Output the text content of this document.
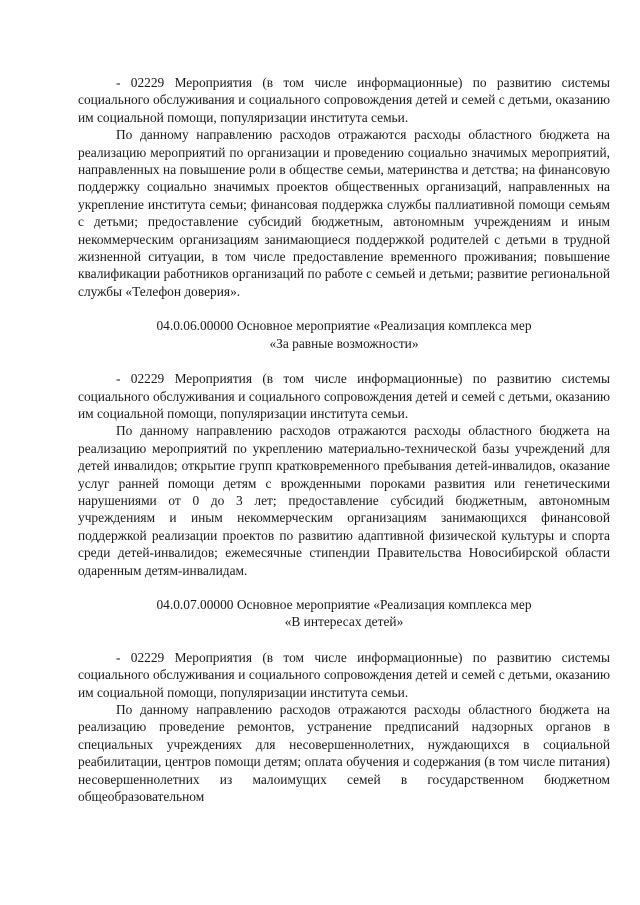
- 02229 Мероприятия (в том числе информационные) по развитию системы социального обслуживания и социального сопровождения детей и семей с детьми, оказанию им социальной помощи, популяризации института семьи.

По данному направлению расходов отражаются расходы областного бюджета на реализацию мероприятий по организации и проведению социально значимых мероприятий, направленных на повышение роли в обществе семьи, материнства и детства; на финансовую поддержку социально значимых проектов общественных организаций, направленных на укрепление института семьи; финансовая поддержка службы паллиативной помощи семьям с детьми; предоставление субсидий бюджетным, автономным учреждениям и иным некоммерческим организациям занимающиеся поддержкой родителей с детьми в трудной жизненной ситуации, в том числе предоставление временного проживания; повышение квалификации работников организаций по работе с семьей и детьми; развитие региональной службы «Телефон доверия».

04.0.06.00000 Основное мероприятие «Реализация комплекса мер

«За равные возможности»

- 02229 Мероприятия (в том числе информационные) по развитию системы социального обслуживания и социального сопровождения детей и семей с детьми, оказанию им социальной помощи, популяризации института семьи.

По данному направлению расходов отражаются расходы областного бюджета на реализацию мероприятий по укреплению материально-технической базы учреждений для детей инвалидов; открытие групп кратковременного пребывания детей-инвалидов, оказание услуг ранней помощи детям с врожденными пороками развития или генетическими нарушениями от 0 до 3 лет; предоставление субсидий бюджетным, автономным учреждениям и иным некоммерческим организациям занимающихся финансовой поддержкой реализации проектов по развитию адаптивной физической культуры и спорта среди детей-инвалидов; ежемесячные стипендии Правительства Новосибирской области одаренным детям-инвалидам.

04.0.07.00000 Основное мероприятие «Реализация комплекса мер

«В интересах детей»

- 02229 Мероприятия (в том числе информационные) по развитию системы социального обслуживания и социального сопровождения детей и семей с детьми, оказанию им социальной помощи, популяризации института семьи.

По данному направлению расходов отражаются расходы областного бюджета на реализацию проведение ремонтов, устранение предписаний надзорных органов в специальных учреждениях для несовершеннолетних, нуждающихся в социальной реабилитации, центров помощи детям; оплата обучения и содержания (в том числе питания) несовершеннолетних из малоимущих семей в государственном бюджетном общеобразовательном
